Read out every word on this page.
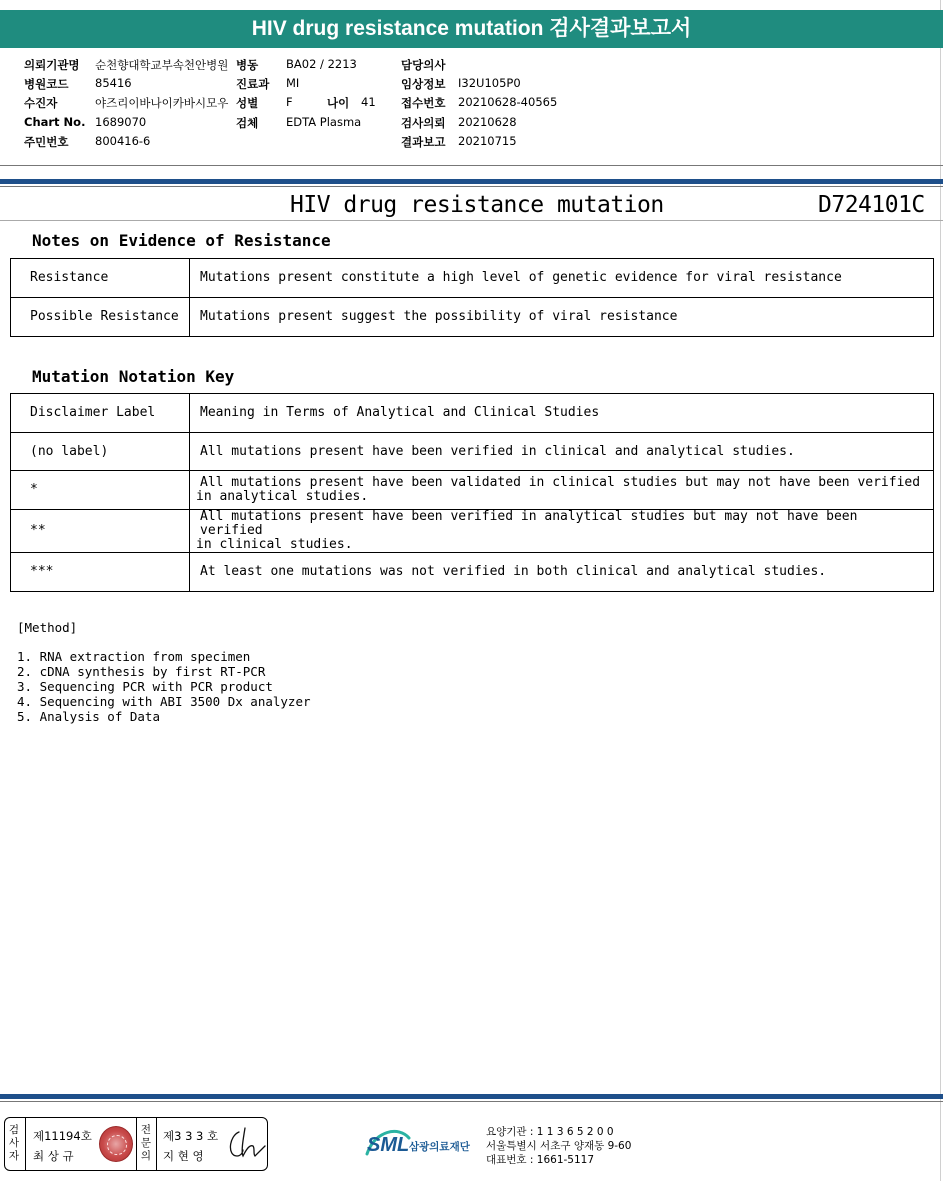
HIV drug resistance mutation 검사결과보고서
의뢰기관명 순천향대학교부속천안병원 병동 BA02 / 2213	담당의사
병원코드 85416	진료과 MI	임상정보 I32U105P0
수진자	야즈리이바나이카바시모우 성별 F	나이 41 접수번호 20210628-40565
Chart No. 1689070	검체 EDTA Plasma	검사의뢰 20210628
주민번호 800416-6	결과보고 20210715
HIV drug resistance mutation	D724101C
Notes on Evidence of Resistance
Resistance	Mutations present constitute a high level of genetic evidence for viral resistance
Possible Resistance	Mutations present suggest the possibility of viral resistance
Mutation Notation Key
Disclaimer Label	Meaning in Terms of Analytical and Clinical Studies
(no label)	All mutations present have been verified in clinical and analytical studies.

*	All mutations present have been validated in clinical studies but may not have been verified
in analytical studies.

**	All mutations present have been verified in analytical studies but may not have been verified
in clinical studies.

***	At least one mutations was not verified in both clinical and analytical studies.
[Method]
1. RNA extraction from specimen
2. cDNA synthesis by first RT-PCR
3. Sequencing PCR with PCR product
4. Sequencing with ABI 3500 Dx analyzer
5. Analysis of Data
검사자
제11194호
최 상 규
전문의
제3 3 3 호
지 현 영	SML 삼광의료재단
요양기관 : 1 1 3 6 5 2 0 0
서울특별시 서초구 양재동 9-60
대표번호 : 1661-5117
